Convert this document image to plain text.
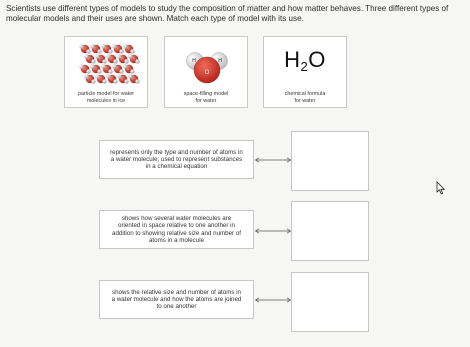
Scientists use different types of models to study the composition of matter and how matter behaves. Three different types of molecular models and their uses are shown. Match each type of model with its use.
particle model for water
molecules in ice
H	H
O
space-filling model
for water
$H_2O$
chemical formula
for water
represents only the type and number of atoms in a water molecule; used to represent substances in a chemical equation
shows how several water molecules are oriented in space relative to one another in addition to showing relative size and number of atoms in a molecule
shows the relative size and number of atoms in a water molecule and how the atoms are joined to one another
